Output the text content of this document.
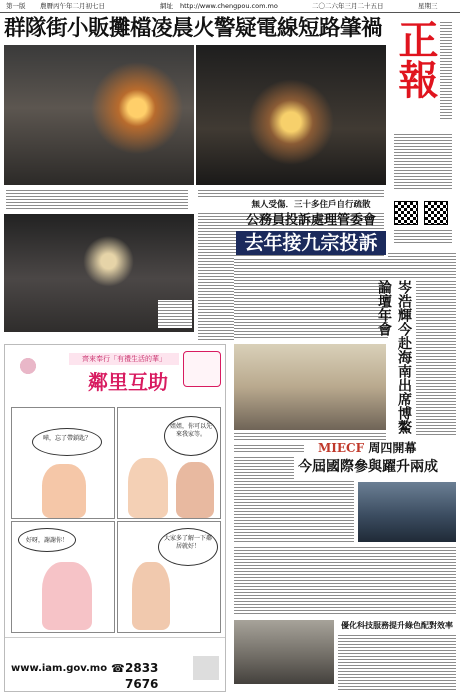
第一版 農曆丙午年二月初七日	網址 http://www.chengpou.com.mo	二〇二六年三月二十五日	星期三
群隊街小販攤檔凌晨火警疑電線短路肇禍 正報
無人受傷．三十多住戶自行疏散
齊來奉行「有禮生活的華」
鄰里互助
嘩，忘了帶鎖匙？
姐姐，你可以先來我家等。
好呀，謝謝你！	大家多了解一下鄰居就好！
www.iam.gov.mo ☎ 2833 7676
公務員投訴處理管委會
去年接九宗投訴
岑浩輝今赴海南出席博鰲論壇年會
MIECF 周四開幕
今屆國際參與躍升兩成
優化科技服務提升綠色配對效率
